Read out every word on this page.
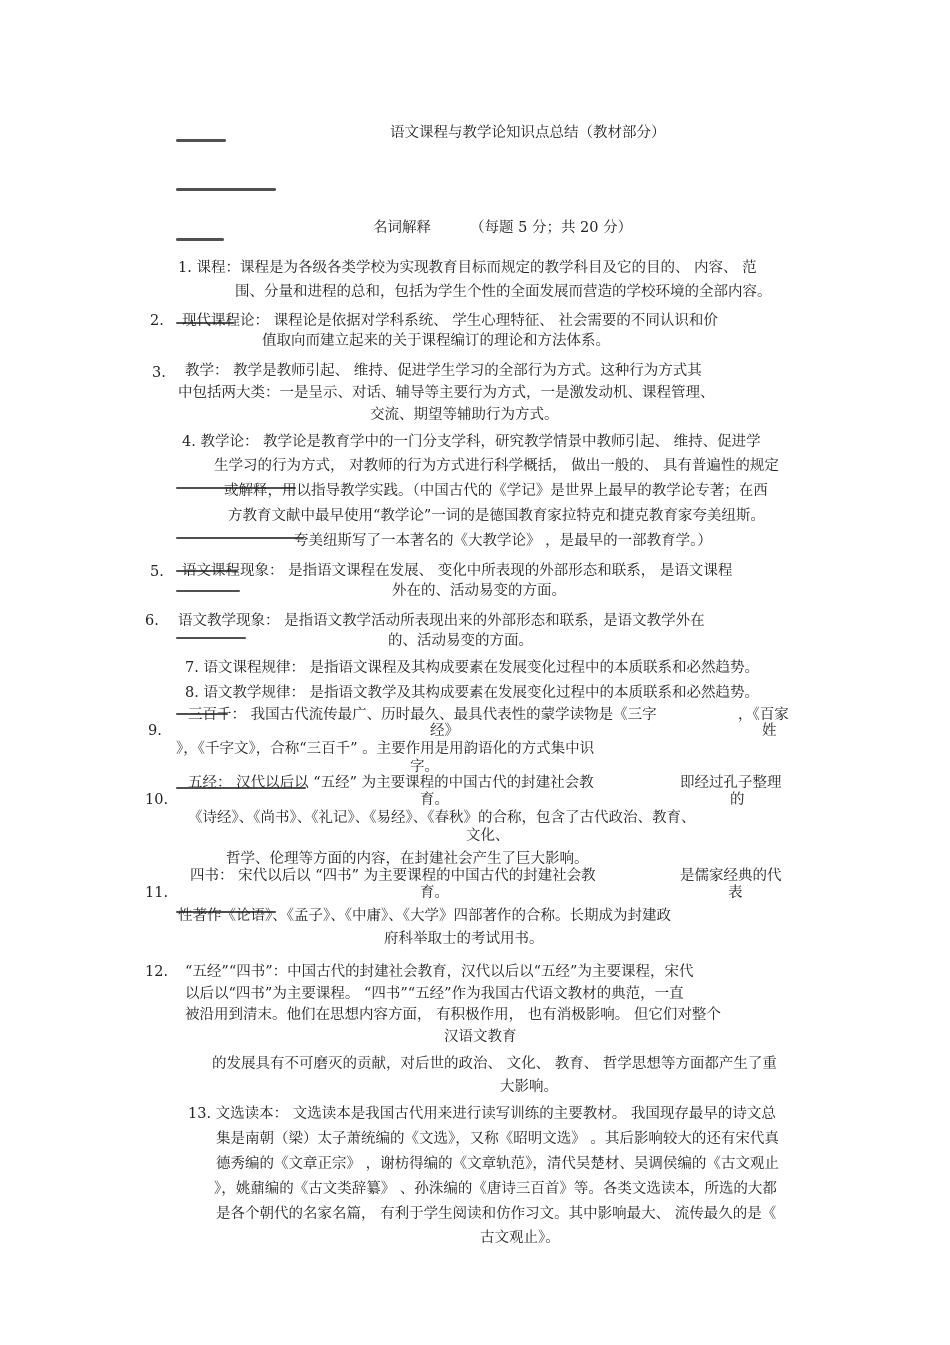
语文课程与教学论知识点总结（教材部分）
名词解释	（每题 5 分；共 20 分）
1. 课程：课程是为各级各类学校为实现教育目标而规定的教学科目及它的目的、 内容、 范
围、分量和进程的总和，包括为学生个性的全面发展而营造的学校环境的全部内容。
2. 现代课程论： 课程论是依据对学科系统、 学生心理特征、 社会需要的不同认识和价
值取向而建立起来的关于课程编订的理论和方法体系。
3. 教学： 教学是教师引起、 维持、促进学生学习的全部行为方式。这种行为方式其
中包括两大类：一是呈示、对话、辅导等主要行为方式，一是激发动机、课程管理、
交流、期望等辅助行为方式。
4. 教学论： 教学论是教育学中的一门分支学科，研究教学情景中教师引起、 维持、促进学
生学习的行为方式， 对教师的行为方式进行科学概括， 做出一般的、 具有普遍性的规定
或解释，用以指导教学实践。（中国古代的《学记》是世界上最早的教学论专著；在西
方教育文献中最早使用“教学论”一词的是德国教育家拉特克和捷克教育家夸美纽斯。
夸美纽斯写了一本著名的《大教学论》 ，是最早的一部教育学。）
5. 语文课程现象： 是指语文课程在发展、 变化中所表现的外部形态和联系， 是语文课程
外在的、活动易变的方面。
6. 语文教学现象： 是指语文教学活动所表现出来的外部形态和联系，是语文教学外在
的、活动易变的方面。
7. 语文课程规律： 是指语文课程及其构成要素在发展变化过程中的本质联系和必然趋势。
8. 语文教学规律： 是指语文教学及其构成要素在发展变化过程中的本质联系和必然趋势。
9.
三百千： 我国古代流传最广、历时最久、最具代表性的蒙学读物是《三字	，《百家
经》	姓
》，《千字文》，合称“三百千” 。主要作用是用韵语化的方式集中识
字。
10.
五经： 汉代以后以 “五经” 为主要课程的中国古代的封建社会教	即经过孔子整理
育。	的
《诗经》、《尚书》、《礼记》、《易经》、《春秋》的合称，包含了古代政治、教育、
文化、
哲学、伦理等方面的内容，在封建社会产生了巨大影响。
11.
四书： 宋代以后以 “四书” 为主要课程的中国古代的封建社会教	是儒家经典的代
育。	表
性著作《论语》、《孟子》、《中庸》、《大学》四部著作的合称。长期成为封建政
府科举取士的考试用书。
12. “五经”“四书”：中国古代的封建社会教育，汉代以后以“五经”为主要课程，宋代
以后以“四书”为主要课程。 “四书”“五经”作为我国古代语文教材的典范，一直
被沿用到清末。他们在思想内容方面， 有积极作用， 也有消极影响。 但它们对整个
汉语文教育
的发展具有不可磨灭的贡献，对后世的政治、 文化、 教育、 哲学思想等方面都产生了重
大影响。
13. 文选读本： 文选读本是我国古代用来进行读写训练的主要教材。 我国现存最早的诗文总
集是南朝（梁）太子萧统编的《文选》，又称《昭明文选》 。其后影响较大的还有宋代真
德秀编的《文章正宗》 ，谢枋得编的《文章轨范》，清代吴楚材、吴调侯编的《古文观止
》，姚鼐编的《古文类辞纂》 、孙洙编的《唐诗三百首》等。各类文选读本，所选的大都
是各个朝代的名家名篇， 有利于学生阅读和仿作习文。其中影响最大、 流传最久的是《
古文观止》。
